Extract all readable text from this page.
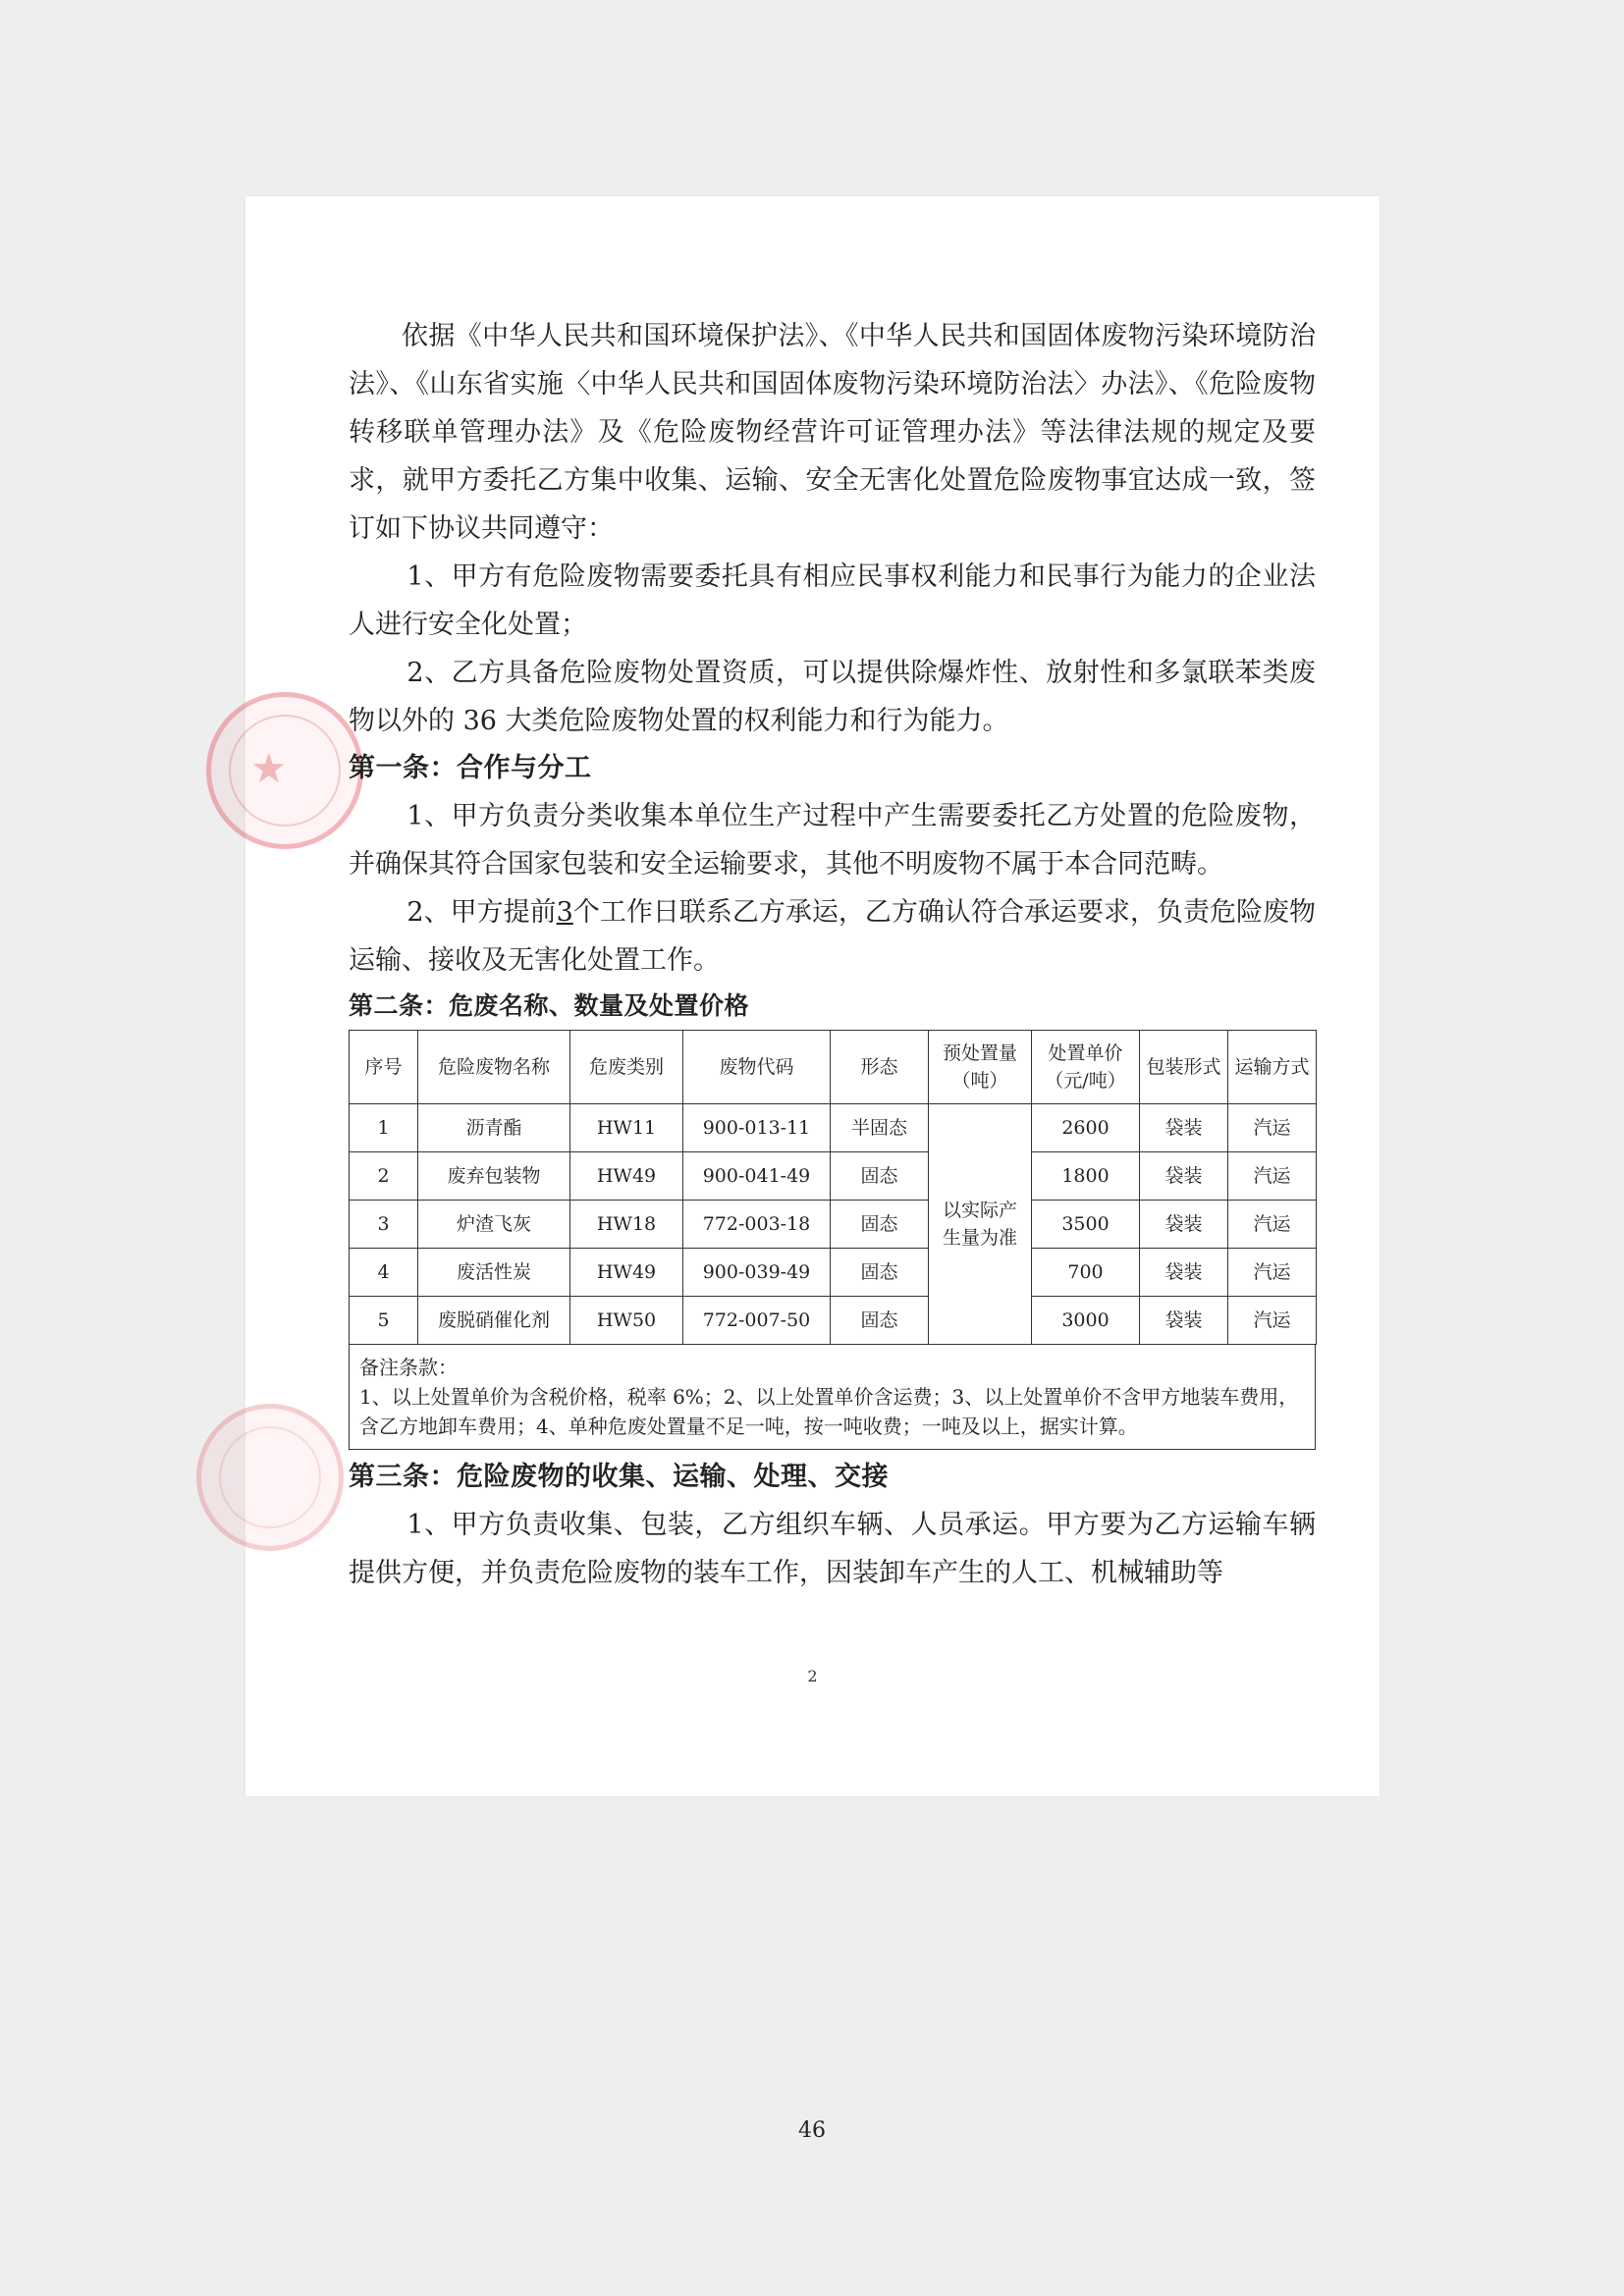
★

依据《中华人民共和国环境保护法》、《中华人民共和国固体废物污染环境防治法》、《山东省实施〈中华人民共和国固体废物污染环境防治法〉办法》、《危险废物转移联单管理办法》及《危险废物经营许可证管理办法》等法律法规的规定及要求，就甲方委托乙方集中收集、运输、安全无害化处置危险废物事宜达成一致，签订如下协议共同遵守：

1、甲方有危险废物需要委托具有相应民事权利能力和民事行为能力的企业法人进行安全化处置；

2、乙方具备危险废物处置资质，可以提供除爆炸性、放射性和多氯联苯类废物以外的 36 大类危险废物处置的权利能力和行为能力。

第一条：合作与分工

1、甲方负责分类收集本单位生产过程中产生需要委托乙方处置的危险废物，并确保其符合国家包装和安全运输要求，其他不明废物不属于本合同范畴。

2、甲方提前3个工作日联系乙方承运，乙方确认符合承运要求，负责危险废物运输、接收及无害化处置工作。

第二条：危废名称、数量及处置价格
序号	危险废物名称	危废类别	废物代码	形态	预处置量（吨）	处置单价（元/吨）	包装形式	运输方式
1	沥青酯	HW11	900-013-11	半固态	以实际产生量为准	2600	袋装	汽运
2	废弃包装物	HW49	900-041-49	固态		1800	袋装	汽运
3	炉渣飞灰	HW18	772-003-18	固态		3500	袋装	汽运
4	废活性炭	HW49	900-039-49	固态		700	袋装	汽运
5	废脱硝催化剂	HW50	772-007-50	固态		3000	袋装	汽运
备注条款：
1、以上处置单价为含税价格，税率 6%；2、以上处置单价含运费；3、以上处置单价不含甲方地装车费用，含乙方地卸车费用；4、单种危废处置量不足一吨，按一吨收费；一吨及以上，据实计算。
第三条：危险废物的收集、运输、处理、交接

1、甲方负责收集、包装，乙方组织车辆、人员承运。甲方要为乙方运输车辆提供方便，并负责危险废物的装车工作，因装卸车产生的人工、机械辅助等

2
46
